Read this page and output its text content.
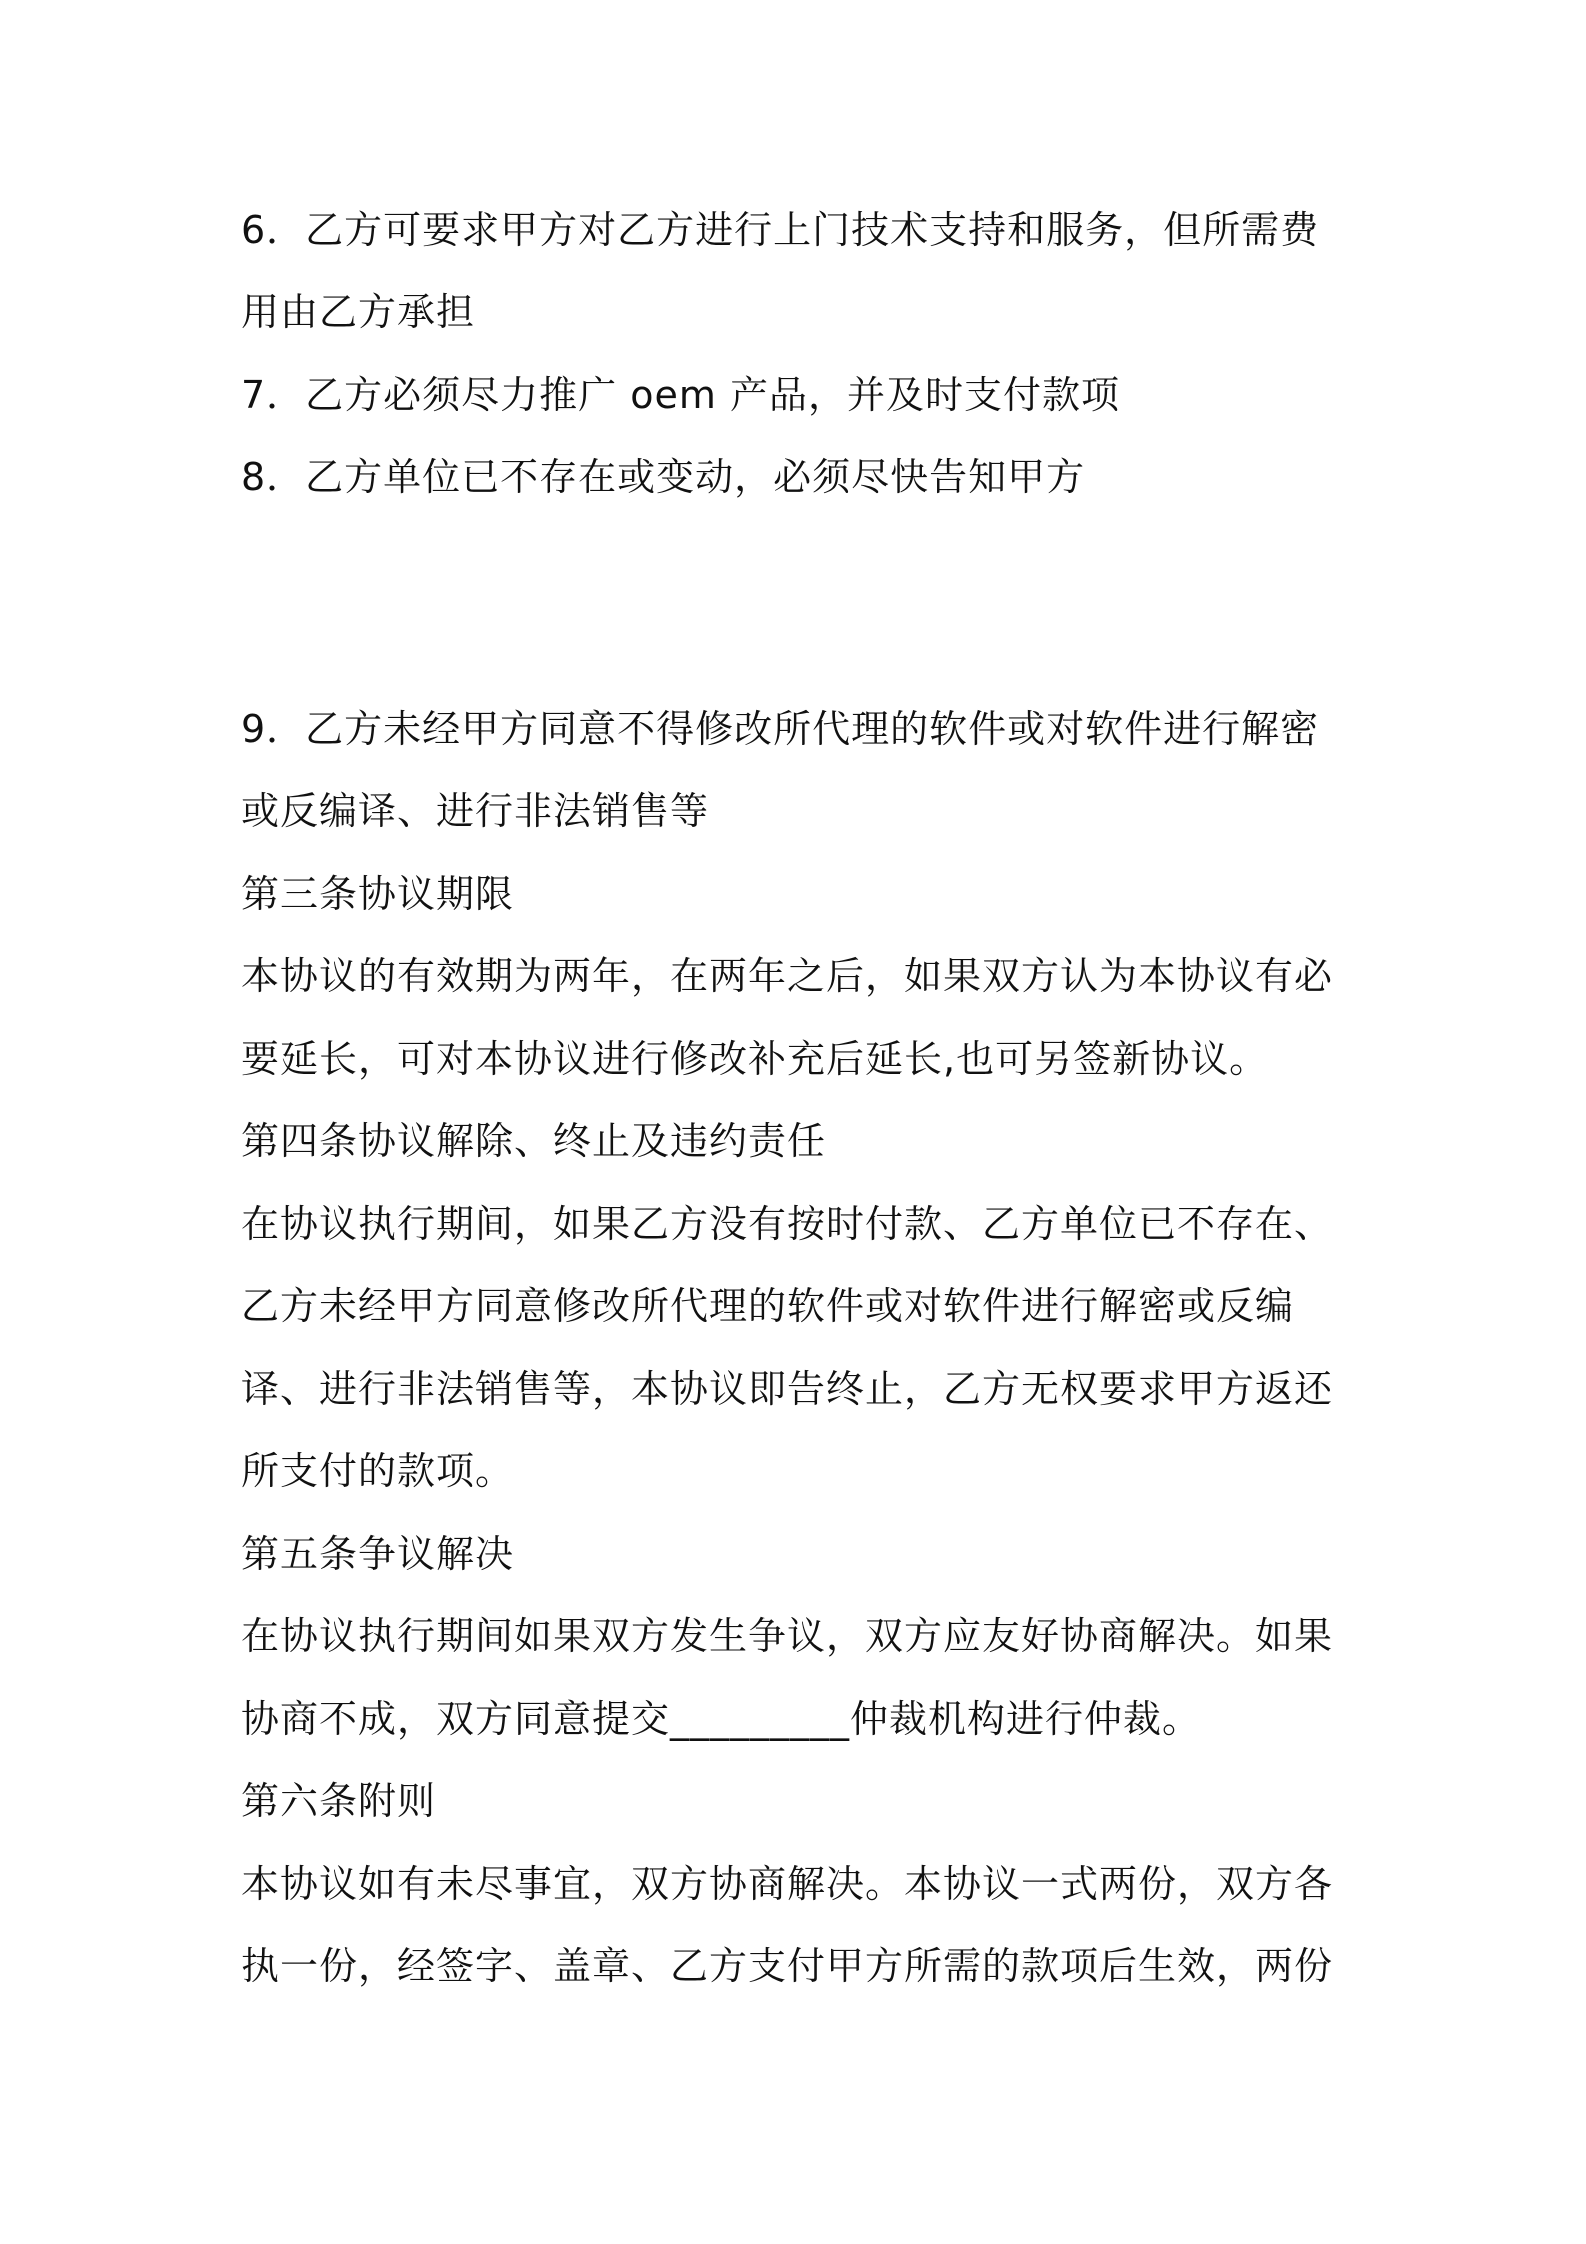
6．乙方可要求甲方对乙方进行上门技术支持和服务，但所需费
用由乙方承担
7．乙方必须尽力推广 oem 产品，并及时支付款项
8．乙方单位已不存在或变动，必须尽快告知甲方
9．乙方未经甲方同意不得修改所代理的软件或对软件进行解密
或反编译、进行非法销售等
第三条协议期限
本协议的有效期为两年，在两年之后，如果双方认为本协议有必
要延长，可对本协议进行修改补充后延长,也可另签新协议。
第四条协议解除、终止及违约责任
在协议执行期间，如果乙方没有按时付款、乙方单位已不存在、
乙方未经甲方同意修改所代理的软件或对软件进行解密或反编
译、进行非法销售等，本协议即告终止，乙方无权要求甲方返还
所支付的款项。
第五条争议解决
在协议执行期间如果双方发生争议，双方应友好协商解决。如果
协商不成，双方同意提交_________仲裁机构进行仲裁。
第六条附则
本协议如有未尽事宜，双方协商解决。本协议一式两份，双方各
执一份，经签字、盖章、乙方支付甲方所需的款项后生效，两份
